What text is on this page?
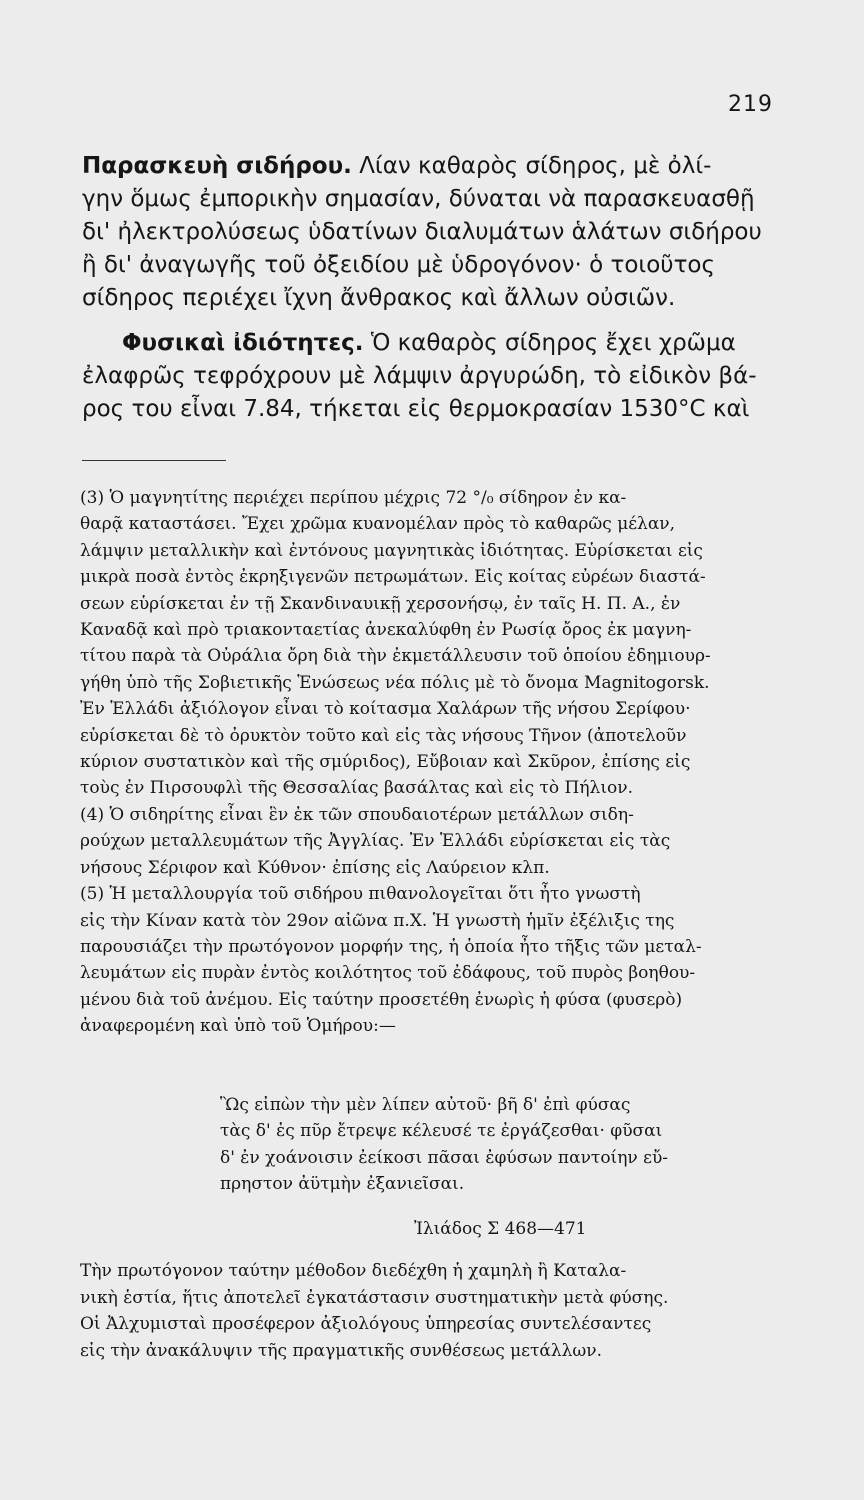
219
Παρασκευὴ σιδήρου. Λίαν καθαρὸς σίδηρος, μὲ ὀλί-
γην ὅμως ἐμπορικὴν σημασίαν, δύναται νὰ παρασκευασθῇ
δι' ἠλεκτρολύσεως ὑδατίνων διαλυμάτων ἁλάτων σιδήρου
ἢ δι' ἀναγωγῆς τοῦ ὀξειδίου μὲ ὑδρογόνον· ὁ τοιοῦτος
σίδηρος περιέχει ἴχνη ἄνθρακος καὶ ἄλλων οὐσιῶν.
Φυσικαὶ ἰδιότητες. Ὁ καθαρὸς σίδηρος ἔχει χρῶμα
ἐλαφρῶς τεφρόχρουν μὲ λάμψιν ἀργυρώδη, τὸ εἰδικὸν βά-
ρος του εἶναι 7.84, τήκεται εἰς θερμοκρασίαν 1530°C καὶ
(3) Ὁ μαγνητίτης περιέχει περίπου μέχρις 72 °/₀ σίδηρον ἐν κα-
θαρᾷ καταστάσει. Ἔχει χρῶμα κυανομέλαν πρὸς τὸ καθαρῶς μέλαν,
λάμψιν μεταλλικὴν καὶ ἐντόνους μαγνητικὰς ἰδιότητας. Εὑρίσκεται εἰς
μικρὰ ποσὰ ἐντὸς ἐκρηξιγενῶν πετρωμάτων. Εἰς κοίτας εὐρέων διαστά-
σεων εὑρίσκεται ἐν τῇ Σκανδιναυικῇ χερσονήσῳ, ἐν ταῖς Η. Π. Α., ἐν
Καναδᾷ καὶ πρὸ τριακονταετίας ἀνεκαλύφθη ἐν Ρωσίᾳ ὄρος ἐκ μαγνη-
τίτου παρὰ τὰ Οὐράλια ὄρη διὰ τὴν ἐκμετάλλευσιν τοῦ ὁποίου ἐδημιουρ-
γήθη ὑπὸ τῆς Σοβιετικῆς Ἑνώσεως νέα πόλις μὲ τὸ ὄνομα Magnitogorsk.
Ἐν Ἑλλάδι ἀξιόλογον εἶναι τὸ κοίτασμα Χαλάρων τῆς νήσου Σερίφου·
εὑρίσκεται δὲ τὸ ὀρυκτὸν τοῦτο καὶ εἰς τὰς νήσους Τῆνον (ἀποτελοῦν
κύριον συστατικὸν καὶ τῆς σμύριδος), Εὔβοιαν καὶ Σκῦρον, ἐπίσης εἰς
τοὺς ἐν Πιρσουφλὶ τῆς Θεσσαλίας βασάλτας καὶ εἰς τὸ Πήλιον.
(4) Ὁ σιδηρίτης εἶναι ἓν ἐκ τῶν σπουδαιοτέρων μετάλλων σιδη-
ρούχων μεταλλευμάτων τῆς Ἀγγλίας. Ἐν Ἑλλάδι εὑρίσκεται εἰς τὰς
νήσους Σέριφον καὶ Κύθνον· ἐπίσης εἰς Λαύρειον κλπ.
(5) Ἡ μεταλλουργία τοῦ σιδήρου πιθανολογεῖται ὅτι ἦτο γνωστὴ
εἰς τὴν Κίναν κατὰ τὸν 29ον αἰῶνα π.Χ. Ἡ γνωστὴ ἡμῖν ἐξέλιξις της
παρουσιάζει τὴν πρωτόγονον μορφήν της, ἡ ὁποία ἦτο τῆξις τῶν μεταλ-
λευμάτων εἰς πυρὰν ἐντὸς κοιλότητος τοῦ ἐδάφους, τοῦ πυρὸς βοηθου-
μένου διὰ τοῦ ἀνέμου. Εἰς ταύτην προσετέθη ἐνωρὶς ἡ φύσα (φυσερὸ)
ἀναφερομένη καὶ ὑπὸ τοῦ Ὁμήρου:—
Ὣς εἰπὼν τὴν μὲν λίπεν αὐτοῦ· βῆ δ' ἐπὶ φύσας
τὰς δ' ἐς πῦρ ἔτρεψε κέλευσέ τε ἐργάζεσθαι· φῦσαι
δ' ἐν χοάνοισιν ἐείκοσι πᾶσαι ἐφύσων παντοίην εὔ-
πρηστον ἀϋτμὴν ἐξανιεῖσαι.
Ἰλιάδος Σ 468—471
Τὴν πρωτόγονον ταύτην μέθοδον διεδέχθη ἡ χαμηλὴ ἢ Καταλα-
νικὴ ἑστία, ἥτις ἀποτελεῖ ἐγκατάστασιν συστηματικὴν μετὰ φύσης.
Οἱ Ἀλχυμισταὶ προσέφερον ἀξιολόγους ὑπηρεσίας συντελέσαντες
εἰς τὴν ἀνακάλυψιν τῆς πραγματικῆς συνθέσεως μετάλλων.
